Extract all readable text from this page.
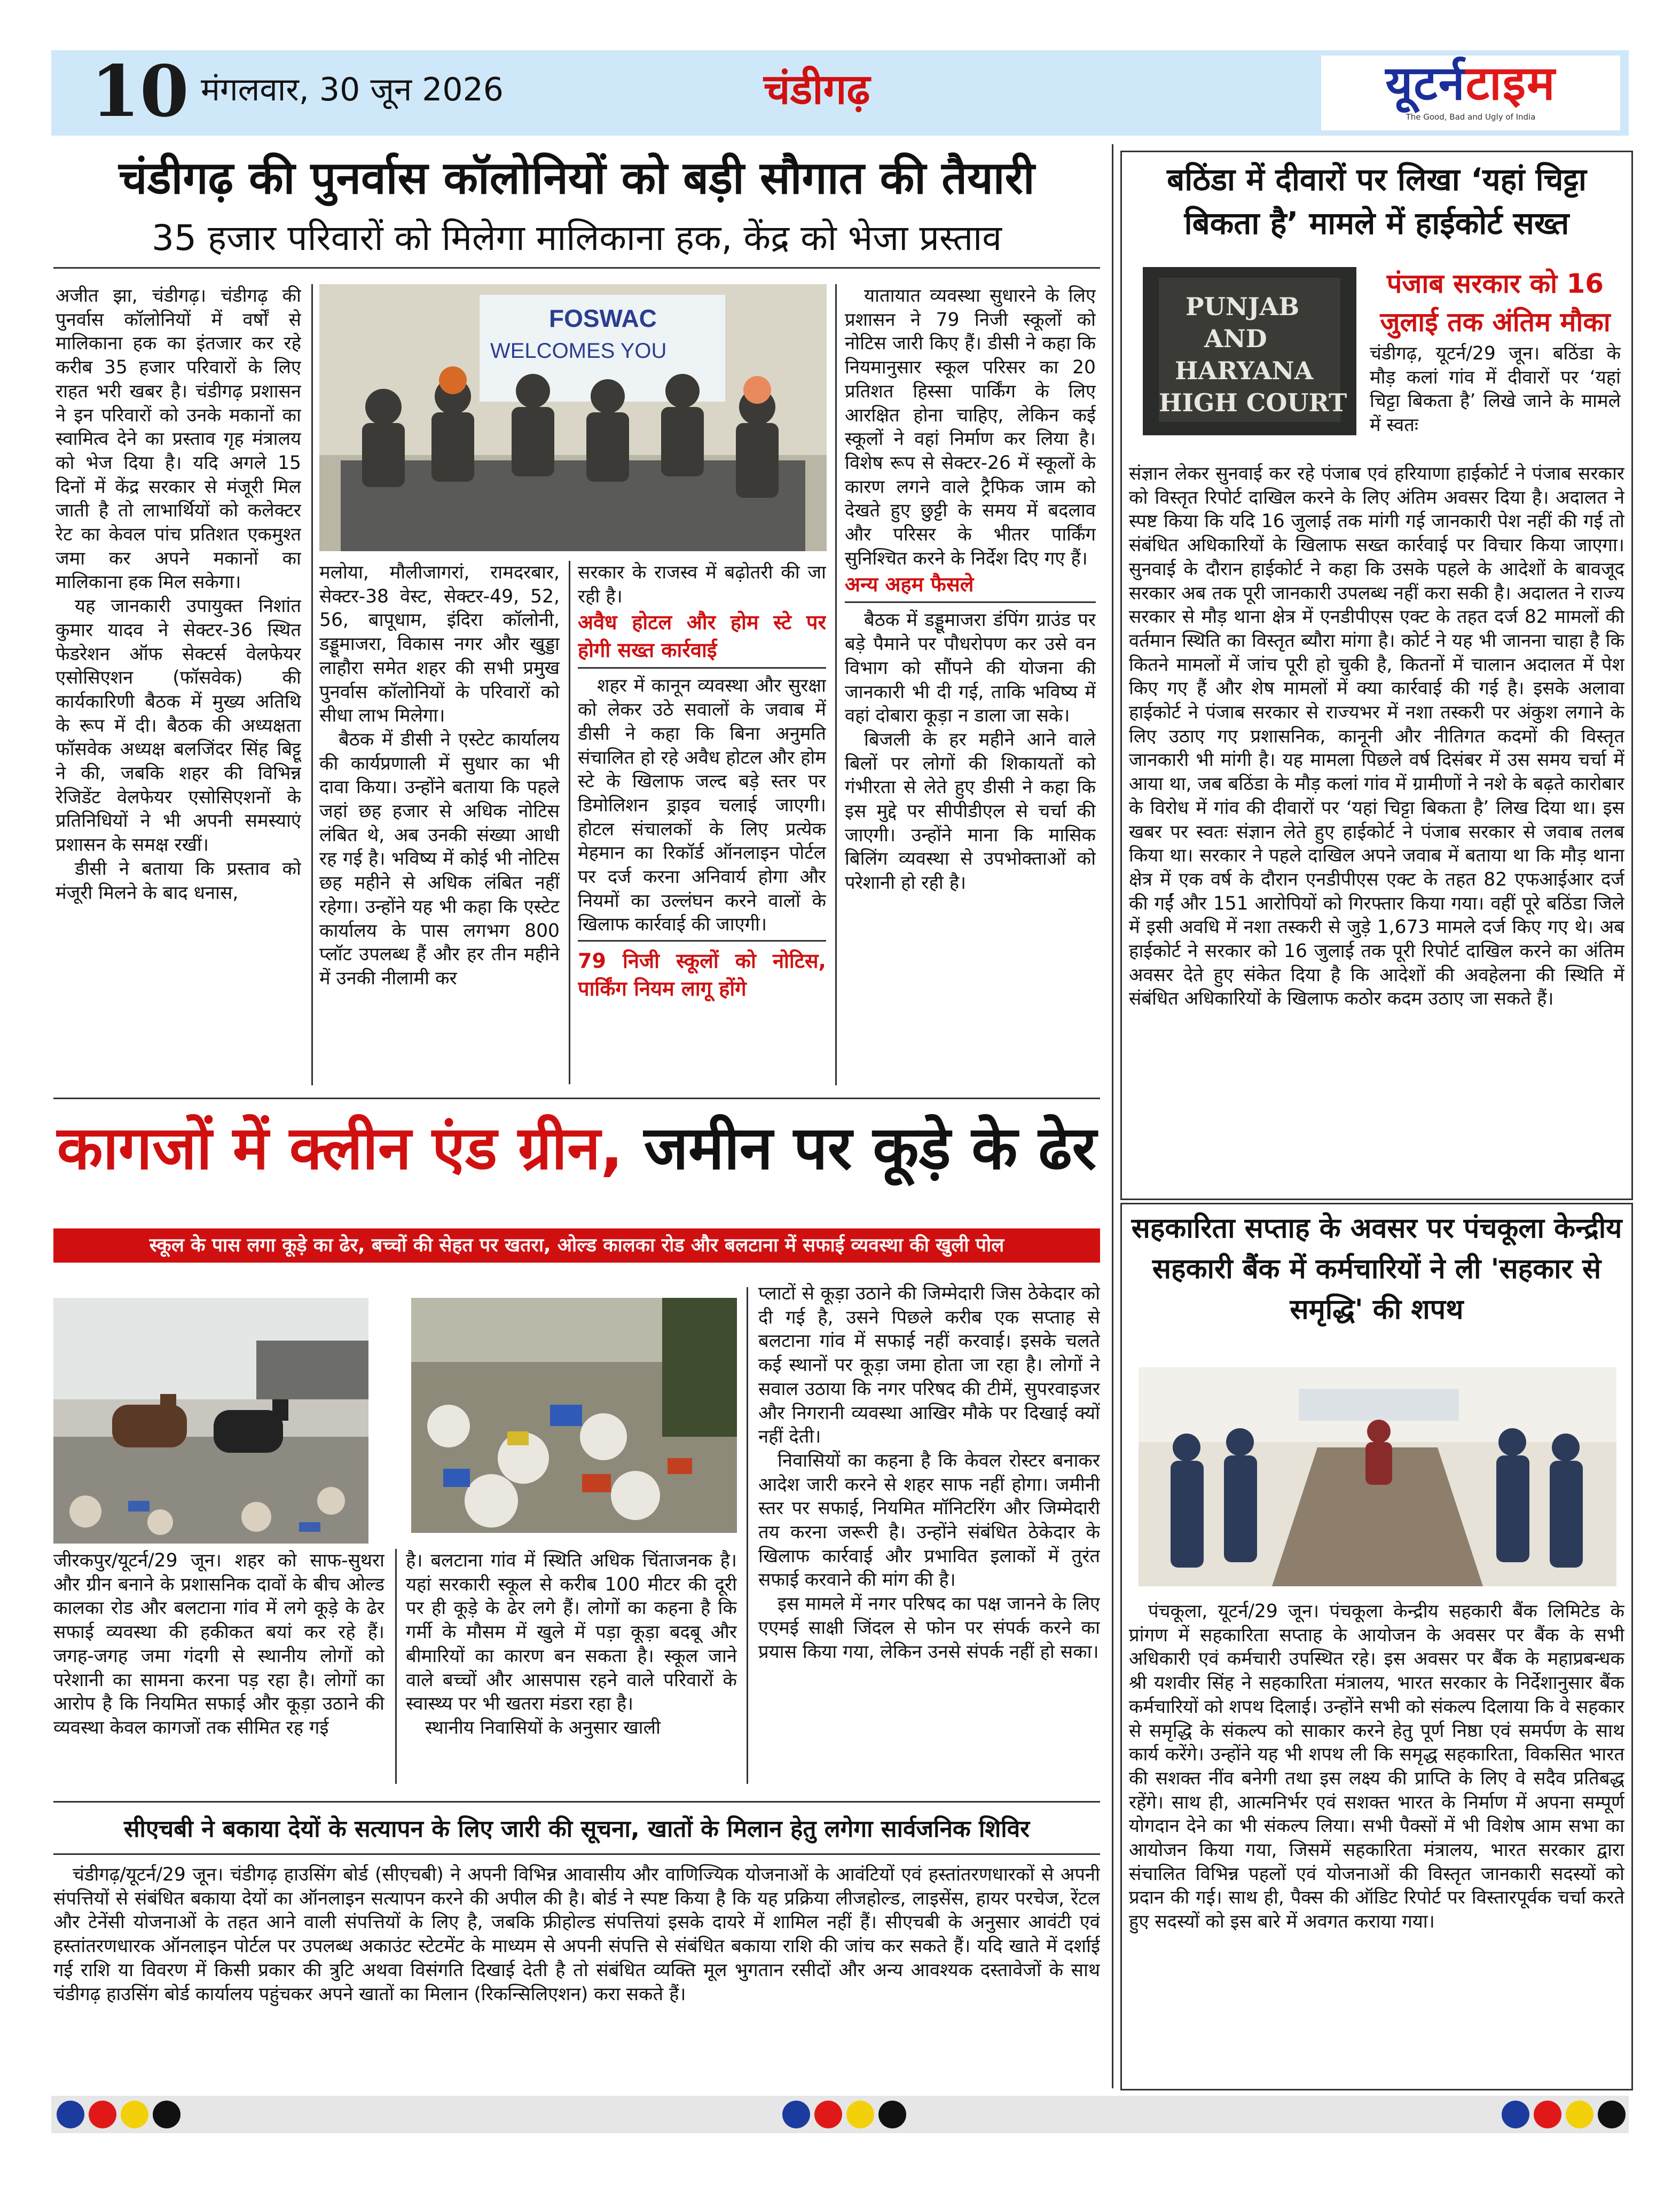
10 मंगलवार, 30 जून 2026	चंडीगढ़	यूटर्नटाइम
The Good, Bad and Ugly of India
चंडीगढ़ की पुनर्वास कॉलोनियों को बड़ी सौगात की तैयारी
35 हजार परिवारों को मिलेगा मालिकाना हक, केंद्र को भेजा प्रस्ताव

अजीत झा, चंडीगढ़। चंडीगढ़ की पुनर्वास कॉलोनियों में वर्षों से मालिकाना हक का इंतजार कर रहे करीब 35 हजार परिवारों के लिए राहत भरी खबर है। चंडीगढ़ प्रशासन ने इन परिवारों को उनके मकानों का स्वामित्व देने का प्रस्ताव गृह मंत्रालय को भेज दिया है। यदि अगले 15 दिनों में केंद्र सरकार से मंजूरी मिल जाती है तो लाभार्थियों को कलेक्टर रेट का केवल पांच प्रतिशत एकमुश्त जमा कर अपने मकानों का मालिकाना हक मिल सकेगा।

यह जानकारी उपायुक्त निशांत कुमार यादव ने सेक्टर-36 स्थित फेडरेशन ऑफ सेक्टर्स वेलफेयर एसोसिएशन (फॉसवेक) की कार्यकारिणी बैठक में मुख्य अतिथि के रूप में दी। बैठक की अध्यक्षता फॉसवेक अध्यक्ष बलजिंदर सिंह बिट्टू ने की, जबकि शहर की विभिन्न रेजिडेंट वेलफेयर एसोसिएशनों के प्रतिनिधियों ने भी अपनी समस्याएं प्रशासन के समक्ष रखीं।

डीसी ने बताया कि प्रस्ताव को मंजूरी मिलने के बाद धनास,

FOSWAC
WELCOMES YOU

मलोया, मौलीजागरां, रामदरबार, सेक्टर-38 वेस्ट, सेक्टर-49, 52, 56, बापूधाम, इंदिरा कॉलोनी, डड्डूमाजरा, विकास नगर और खुड्डा लाहौरा समेत शहर की सभी प्रमुख पुनर्वास कॉलोनियों के परिवारों को सीधा लाभ मिलेगा।

बैठक में डीसी ने एस्टेट कार्यालय की कार्यप्रणाली में सुधार का भी दावा किया। उन्होंने बताया कि पहले जहां छह हजार से अधिक नोटिस लंबित थे, अब उनकी संख्या आधी रह गई है। भविष्य में कोई भी नोटिस छह महीने से अधिक लंबित नहीं रहेगा। उन्होंने यह भी कहा कि एस्टेट कार्यालय के पास लगभग 800 प्लॉट उपलब्ध हैं और हर तीन महीने में उनकी नीलामी कर

सरकार के राजस्व में बढ़ोतरी की जा रही है।

अवैध होटल और होम स्टे पर होगी सख्त कार्रवाई

शहर में कानून व्यवस्था और सुरक्षा को लेकर उठे सवालों के जवाब में डीसी ने कहा कि बिना अनुमति संचालित हो रहे अवैध होटल और होम स्टे के खिलाफ जल्द बड़े स्तर पर डिमोलिशन ड्राइव चलाई जाएगी। होटल संचालकों के लिए प्रत्येक मेहमान का रिकॉर्ड ऑनलाइन पोर्टल पर दर्ज करना अनिवार्य होगा और नियमों का उल्लंघन करने वालों के खिलाफ कार्रवाई की जाएगी।

79 निजी स्कूलों को नोटिस, पार्किंग नियम लागू होंगे

यातायात व्यवस्था सुधारने के लिए प्रशासन ने 79 निजी स्कूलों को नोटिस जारी किए हैं। डीसी ने कहा कि नियमानुसार स्कूल परिसर का 20 प्रतिशत हिस्सा पार्किंग के लिए आरक्षित होना चाहिए, लेकिन कई स्कूलों ने वहां निर्माण कर लिया है। विशेष रूप से सेक्टर-26 में स्कूलों के कारण लगने वाले ट्रैफिक जाम को देखते हुए छुट्टी के समय में बदलाव और परिसर के भीतर पार्किंग सुनिश्चित करने के निर्देश दिए गए हैं।

अन्य अहम फैसले

बैठक में डड्डूमाजरा डंपिंग ग्राउंड पर बड़े पैमाने पर पौधरोपण कर उसे वन विभाग को सौंपने की योजना की जानकारी भी दी गई, ताकि भविष्य में वहां दोबारा कूड़ा न डाला जा सके।

बिजली के हर महीने आने वाले बिलों पर लोगों की शिकायतों को गंभीरता से लेते हुए डीसी ने कहा कि इस मुद्दे पर सीपीडीएल से चर्चा की जाएगी। उन्होंने माना कि मासिक बिलिंग व्यवस्था से उपभोक्ताओं को परेशानी हो रही है।

कागजों में क्लीन एंड ग्रीन, जमीन पर कूड़े के ढेर
स्कूल के पास लगा कूड़े का ढेर, बच्चों की सेहत पर खतरा, ओल्ड कालका रोड और बलटाना में सफाई व्यवस्था की खुली पोल

जीरकपुर/यूटर्न/29 जून। शहर को साफ-सुथरा और ग्रीन बनाने के प्रशासनिक दावों के बीच ओल्ड कालका रोड और बलटाना गांव में लगे कूड़े के ढेर सफाई व्यवस्था की हकीकत बयां कर रहे हैं। जगह-जगह जमा गंदगी से स्थानीय लोगों को परेशानी का सामना करना पड़ रहा है। लोगों का आरोप है कि नियमित सफाई और कूड़ा उठाने की व्यवस्था केवल कागजों तक सीमित रह गई

है। बलटाना गांव में स्थिति अधिक चिंताजनक है। यहां सरकारी स्कूल से करीब 100 मीटर की दूरी पर ही कूड़े के ढेर लगे हैं। लोगों का कहना है कि गर्मी के मौसम में खुले में पड़ा कूड़ा बदबू और बीमारियों का कारण बन सकता है। स्कूल जाने वाले बच्चों और आसपास रहने वाले परिवारों के स्वास्थ्य पर भी खतरा मंडरा रहा है।

स्थानीय निवासियों के अनुसार खाली

प्लाटों से कूड़ा उठाने की जिम्मेदारी जिस ठेकेदार को दी गई है, उसने पिछले करीब एक सप्ताह से बलटाना गांव में सफाई नहीं करवाई। इसके चलते कई स्थानों पर कूड़ा जमा होता जा रहा है। लोगों ने सवाल उठाया कि नगर परिषद की टीमें, सुपरवाइजर और निगरानी व्यवस्था आखिर मौके पर दिखाई क्यों नहीं देती।

निवासियों का कहना है कि केवल रोस्टर बनाकर आदेश जारी करने से शहर साफ नहीं होगा। जमीनी स्तर पर सफाई, नियमित मॉनिटरिंग और जिम्मेदारी तय करना जरूरी है। उन्होंने संबंधित ठेकेदार के खिलाफ कार्रवाई और प्रभावित इलाकों में तुरंत सफाई करवाने की मांग की है।

इस मामले में नगर परिषद का पक्ष जानने के लिए एएमई साक्षी जिंदल से फोन पर संपर्क करने का प्रयास किया गया, लेकिन उनसे संपर्क नहीं हो सका।

सीएचबी ने बकाया देयों के सत्यापन के लिए जारी की सूचना, खातों के मिलान हेतु लगेगा सार्वजनिक शिविर

चंडीगढ़/यूटर्न/29 जून। चंडीगढ़ हाउसिंग बोर्ड (सीएचबी) ने अपनी विभिन्न आवासीय और वाणिज्यिक योजनाओं के आवंटियों एवं हस्तांतरणधारकों से अपनी संपत्तियों से संबंधित बकाया देयों का ऑनलाइन सत्यापन करने की अपील की है। बोर्ड ने स्पष्ट किया है कि यह प्रक्रिया लीजहोल्ड, लाइसेंस, हायर परचेज, रेंटल और टेनेंसी योजनाओं के तहत आने वाली संपत्तियों के लिए है, जबकि फ्रीहोल्ड संपत्तियां इसके दायरे में शामिल नहीं हैं। सीएचबी के अनुसार आवंटी एवं हस्तांतरणधारक ऑनलाइन पोर्टल पर उपलब्ध अकाउंट स्टेटमेंट के माध्यम से अपनी संपत्ति से संबंधित बकाया राशि की जांच कर सकते हैं। यदि खाते में दर्शाई गई राशि या विवरण में किसी प्रकार की त्रुटि अथवा विसंगति दिखाई देती है तो संबंधित व्यक्ति मूल भुगतान रसीदों और अन्य आवश्यक दस्तावेजों के साथ चंडीगढ़ हाउसिंग बोर्ड कार्यालय पहुंचकर अपने खातों का मिलान (रिकन्सिलिएशन) करा सकते हैं।

बठिंडा में दीवारों पर लिखा ‘यहां चिट्टा बिकता है’ मामले में हाईकोर्ट सख्त
PUNJAB
AND
HARYANA
HIGH COURT
पंजाब सरकार को 16 जुलाई तक अंतिम मौका

चंडीगढ़, यूटर्न/29 जून। बठिंडा के मौड़ कलां गांव में दीवारों पर ‘यहां चिट्टा बिकता है’ लिखे जाने के मामले में स्वतः

संज्ञान लेकर सुनवाई कर रहे पंजाब एवं हरियाणा हाईकोर्ट ने पंजाब सरकार को विस्तृत रिपोर्ट दाखिल करने के लिए अंतिम अवसर दिया है। अदालत ने स्पष्ट किया कि यदि 16 जुलाई तक मांगी गई जानकारी पेश नहीं की गई तो संबंधित अधिकारियों के खिलाफ सख्त कार्रवाई पर विचार किया जाएगा। सुनवाई के दौरान हाईकोर्ट ने कहा कि उसके पहले के आदेशों के बावजूद सरकार अब तक पूरी जानकारी उपलब्ध नहीं करा सकी है। अदालत ने राज्य सरकार से मौड़ थाना क्षेत्र में एनडीपीएस एक्ट के तहत दर्ज 82 मामलों की वर्तमान स्थिति का विस्तृत ब्यौरा मांगा है। कोर्ट ने यह भी जानना चाहा है कि कितने मामलों में जांच पूरी हो चुकी है, कितनों में चालान अदालत में पेश किए गए हैं और शेष मामलों में क्या कार्रवाई की गई है। इसके अलावा हाईकोर्ट ने पंजाब सरकार से राज्यभर में नशा तस्करी पर अंकुश लगाने के लिए उठाए गए प्रशासनिक, कानूनी और नीतिगत कदमों की विस्तृत जानकारी भी मांगी है। यह मामला पिछले वर्ष दिसंबर में उस समय चर्चा में आया था, जब बठिंडा के मौड़ कलां गांव में ग्रामीणों ने नशे के बढ़ते कारोबार के विरोध में गांव की दीवारों पर ‘यहां चिट्टा बिकता है’ लिख दिया था। इस खबर पर स्वतः संज्ञान लेते हुए हाईकोर्ट ने पंजाब सरकार से जवाब तलब किया था। सरकार ने पहले दाखिल अपने जवाब में बताया था कि मौड़ थाना क्षेत्र में एक वर्ष के दौरान एनडीपीएस एक्ट के तहत 82 एफआईआर दर्ज की गईं और 151 आरोपियों को गिरफ्तार किया गया। वहीं पूरे बठिंडा जिले में इसी अवधि में नशा तस्करी से जुड़े 1,673 मामले दर्ज किए गए थे। अब हाईकोर्ट ने सरकार को 16 जुलाई तक पूरी रिपोर्ट दाखिल करने का अंतिम अवसर देते हुए संकेत दिया है कि आदेशों की अवहेलना की स्थिति में संबंधित अधिकारियों के खिलाफ कठोर कदम उठाए जा सकते हैं।

सहकारिता सप्ताह के अवसर पर पंचकूला केन्द्रीय सहकारी बैंक में कर्मचारियों ने ली 'सहकार से समृद्धि' की शपथ

पंचकूला, यूटर्न/29 जून। पंचकूला केन्द्रीय सहकारी बैंक लिमिटेड के प्रांगण में सहकारिता सप्ताह के आयोजन के अवसर पर बैंक के सभी अधिकारी एवं कर्मचारी उपस्थित रहे। इस अवसर पर बैंक के महाप्रबन्धक श्री यशवीर सिंह ने सहकारिता मंत्रालय, भारत सरकार के निर्देशानुसार बैंक कर्मचारियों को शपथ दिलाई। उन्होंने सभी को संकल्प दिलाया कि वे सहकार से समृद्धि के संकल्प को साकार करने हेतु पूर्ण निष्ठा एवं समर्पण के साथ कार्य करेंगे। उन्होंने यह भी शपथ ली कि समृद्ध सहकारिता, विकसित भारत की सशक्त नींव बनेगी तथा इस लक्ष्य की प्राप्ति के लिए वे सदैव प्रतिबद्ध रहेंगे। साथ ही, आत्मनिर्भर एवं सशक्त भारत के निर्माण में अपना सम्पूर्ण योगदान देने का भी संकल्प लिया। सभी पैक्सों में भी विशेष आम सभा का आयोजन किया गया, जिसमें सहकारिता मंत्रालय, भारत सरकार द्वारा संचालित विभिन्न पहलों एवं योजनाओं की विस्तृत जानकारी सदस्यों को प्रदान की गई। साथ ही, पैक्स की ऑडिट रिपोर्ट पर विस्तारपूर्वक चर्चा करते हुए सदस्यों को इस बारे में अवगत कराया गया।
